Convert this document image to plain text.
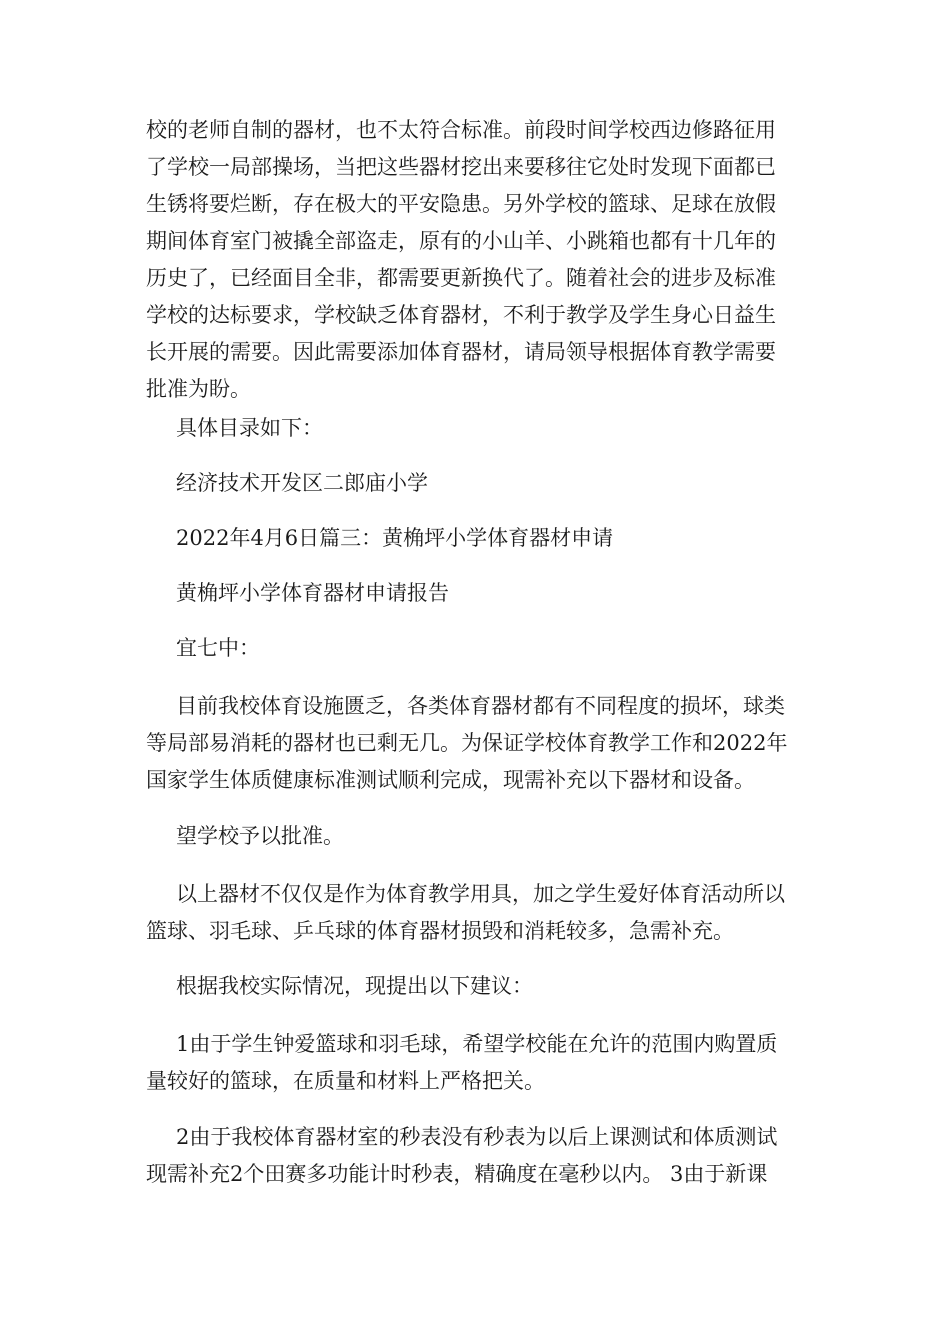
校的老师自制的器材，也不太符合标准。前段时间学校西边修路征用
了学校一局部操场，当把这些器材挖出来要移往它处时发现下面都已
生锈将要烂断，存在极大的平安隐患。另外学校的篮球、足球在放假
期间体育室门被撬全部盗走，原有的小山羊、小跳箱也都有十几年的
历史了，已经面目全非，都需要更新换代了。随着社会的进步及标准
学校的达标要求，学校缺乏体育器材，不利于教学及学生身心日益生
长开展的需要。因此需要添加体育器材，请局领导根据体育教学需要
批准为盼。
具体目录如下：
经济技术开发区二郎庙小学
2022年4月6日篇三：黄桷坪小学体育器材申请
黄桷坪小学体育器材申请报告
宜七中：
目前我校体育设施匮乏，各类体育器材都有不同程度的损坏，球类
等局部易消耗的器材也已剩无几。为保证学校体育教学工作和2022年
国家学生体质健康标准测试顺利完成，现需补充以下器材和设备。
望学校予以批准。
以上器材不仅仅是作为体育教学用具，加之学生爱好体育活动所以
篮球、羽毛球、乒乓球的体育器材损毁和消耗较多，急需补充。
根据我校实际情况，现提出以下建议：
1由于学生钟爱篮球和羽毛球，希望学校能在允许的范围内购置质
量较好的篮球，在质量和材料上严格把关。
2由于我校体育器材室的秒表没有秒表为以后上课测试和体质测试
现需补充2个田赛多功能计时秒表，精确度在毫秒以内。 3由于新课
